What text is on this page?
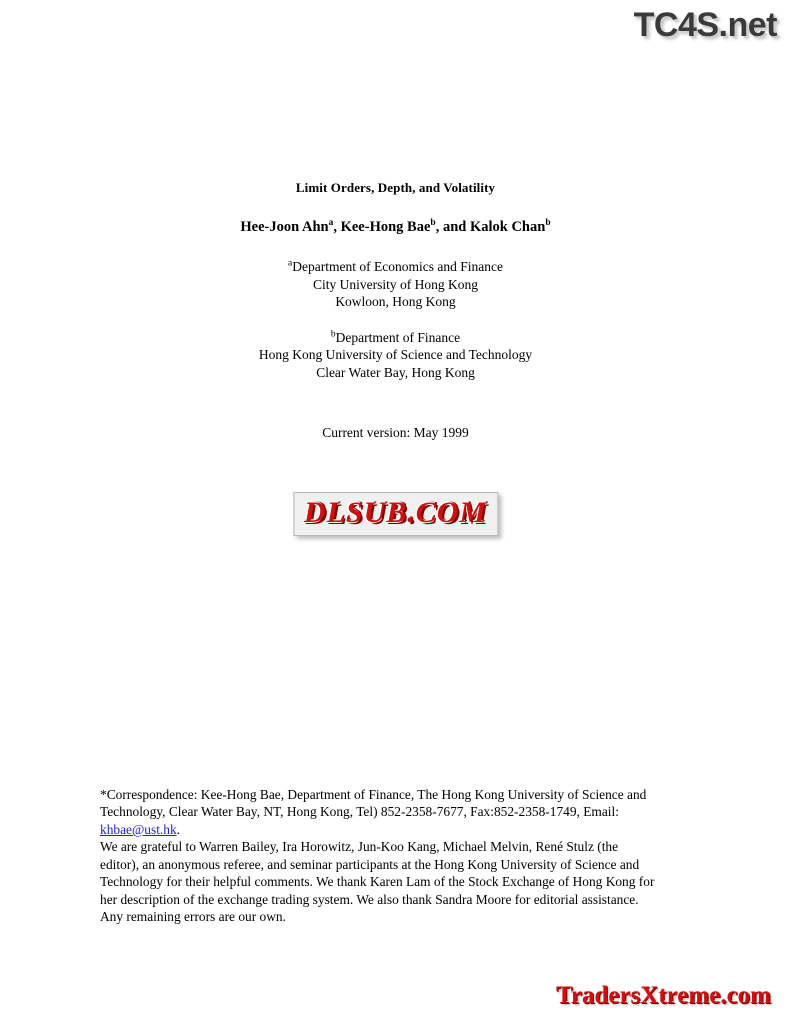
TC4S.net
Limit Orders, Depth, and Volatility
Hee-Joon Ahn$^a$, Kee-Hong Bae$^b$, and Kalok Chan$^b$
$^a$Department of Economics and Finance
City University of Hong Kong
Kowloon, Hong Kong
$^b$Department of Finance
Hong Kong University of Science and Technology
Clear Water Bay, Hong Kong
Current version: May 1999
DLSUB.COM

*Correspondence: Kee-Hong Bae, Department of Finance, The Hong Kong University of Science and

Technology, Clear Water Bay, NT, Hong Kong, Tel) 852-2358-7677, Fax:852-2358-1749, Email:

khbae@ust.hk.

We are grateful to Warren Bailey, Ira Horowitz, Jun-Koo Kang, Michael Melvin, René Stulz (the

editor), an anonymous referee, and seminar participants at the Hong Kong University of Science and

Technology for their helpful comments. We thank Karen Lam of the Stock Exchange of Hong Kong for

her description of the exchange trading system. We also thank Sandra Moore for editorial assistance.

Any remaining errors are our own.

TradersXtreme.com
